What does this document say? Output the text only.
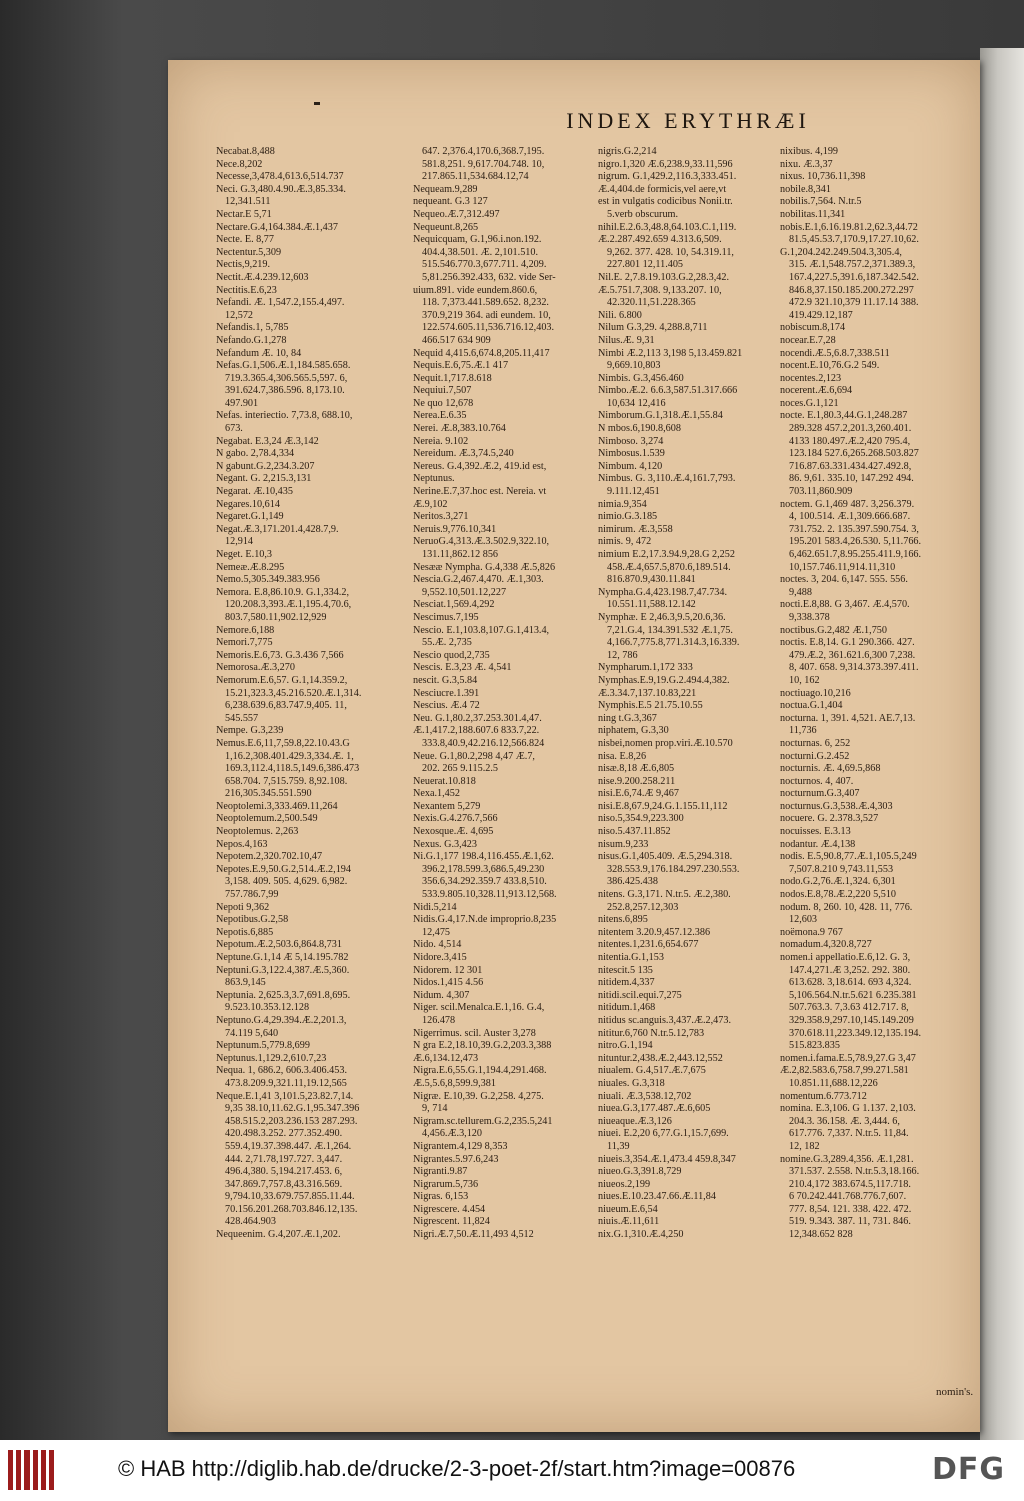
INDEX ERYTHRÆI
Necabat.8,488
Nece.8,202
Necesse,3,478.4,613.6,514.737
Neci. G.3,480.4.90.Æ.3,85.334.
12,341.511
Nectar.E 5,71
Nectare.G.4,164.384.Æ.1,437
Necte. E. 8,77
Nectentur.5,309
Nectis,9,219.
Nectit.Æ.4.239.12,603
Nectitis.E.6,23
Nefandi. Æ. 1,547.2,155.4,497.
12,572
Nefandis.1, 5,785
Nefando.G.1,278
Nefandum Æ. 10, 84
Nefas.G.1,506.Æ.1,184.585.658.
719.3.365.4,306.565.5,597. 6,
391.624.7,386.596. 8,173.10.
497.901
Nefas. interiectio. 7,73.8, 688.10,
673.
Negabat. E.3,24 Æ.3,142
N gabo. 2,78.4,334
N gabunt.G.2,234.3.207
Negant. G. 2,215.3,131
Negarat. Æ.10,435
Negares.10,614
Negaret.G.1,149
Negat.Æ.3,171.201.4,428.7,9.
12,914
Neget. E.10,3
Nemeæ.Æ.8.295
Nemo.5,305.349.383.956
Nemora. E.8,86.10.9. G.1,334.2,
120.208.3,393.Æ.1,195.4,70.6,
803.7,580.11,902.12,929
Nemore.6,188
Nemori.7,775
Nemoris.E.6,73. G.3.436 7,566
Nemorosa.Æ.3,270
Nemorum.E.6,57. G.1,14.359.2,
15.21,323.3,45.216.520.Æ.1,314.
6,238.639.6,83.747.9,405. 11,
545.557
Nempe. G.3,239
Nemus.E.6,11,7,59.8,22.10.43.G
1,16.2,308.401.429.3,334.Æ. 1,
169.3,112.4,118.5,149.6,386.473
658.704. 7,515.759. 8,92.108.
216,305.345.551.590
Neoptolemi.3,333.469.11,264
Neoptolemum.2,500.549
Neoptolemus. 2,263
Nepos.4,163
Nepotem.2,320.702.10,47
Nepotes.E.9,50.G.2,514.Æ.2,194
3,158. 409. 505. 4,629. 6,982.
757.786.7,99
Nepoti 9,362
Nepotibus.G.2,58
Nepotis.6,885
Nepotum.Æ.2,503.6,864.8,731
Neptune.G.1,14 Æ 5,14.195.782
Neptuni.G.3,122.4,387.Æ.5,360.
863.9,145
Neptunia. 2,625.3,3.7,691.8,695.
9.523.10.353.12.128
Neptuno.G.4,29.394.Æ.2,201.3,
74.119 5,640
Neptunum.5,779.8,699
Neptunus.1,129.2,610.7,23
Nequa. 1, 686.2, 606.3.406.453.
473.8.209.9,321.11,19.12,565
Neque.E.1,41 3,101.5,23.82.7,14.
9,35 38.10,11.62.G.1,95.347.396
458.515.2,203.236.153 287.293.
420.498.3.252. 277.352.490.
559.4,19.37.398.447. Æ.1,264.
444. 2,71.78,197.727. 3,447.
496.4,380. 5,194.217.453. 6,
347.869.7,757.8,43.316.569.
9,794.10,33.679.757.855.11.44.
70.156.201.268.703.846.12,135.
428.464.903
Nequeenim. G.4,207.Æ.1,202.
647. 2,376.4,170.6,368.7,195.
581.8,251. 9,617.704.748. 10,
217.865.11,534.684.12,74
Nequeam.9,289
nequeant. G.3 127
Nequeo.Æ.7,312.497
Nequeunt.8,265
Nequicquam, G.1,96.i.non.192.
404.4,38.501. Æ. 2,101.510.
515.546.770.3,677.711. 4,209.
5,81.256.392.433, 632. vide Ser-
uium.891. vide eundem.860.6,
118. 7,373.441.589.652. 8,232.
370.9,219 364. adi eundem. 10,
122.574.605.11,536.716.12,403.
466.517 634 909
Nequid 4,415.6,674.8,205.11,417
Nequis.E.6,75.Æ.1 417
Nequit.1,717.8.618
Nequiui.7,507
Ne quo 12,678
Nerea.E.6.35
Nerei. Æ.8,383.10.764
Nereia. 9.102
Nereidum. Æ.3,74.5,240
Nereus. G.4,392.Æ.2, 419.id est,
Neptunus.
Nerine.E.7,37.hoc est. Nereia. vt
Æ.9,102
Neritos.3,271
Neruis.9,776.10,341
NeruoG.4,313.Æ.3.502.9,322.10,
131.11,862.12 856
Nesææ Nympha. G.4,338 Æ.5,826
Nescia.G.2,467.4,470. Æ.1,303.
9,552.10,501.12,227
Nesciat.1,569.4,292
Nescimus.7,195
Nescio. E.1,103.8,107.G.1,413.4,
55.Æ. 2,735
Nescio quod,2,735
Nescis. E.3,23 Æ. 4,541
nescit. G.3,5.84
Nesciucre.1.391
Nescius. Æ.4 72
Neu. G.1,80.2,37.253.301.4,47.
Æ.1,417.2,188.607.6 833.7,22.
333.8,40.9,42.216.12,566.824
Neue. G.1,80.2,298 4,47 Æ.7,
202. 265 9.115.2.5
Neuerat.10.818
Nexa.1,452
Nexantem 5,279
Nexis.G.4.276.7,566
Nexosque.Æ. 4,695
Nexus. G.3,423
Ni.G.1,177 198.4,116.455.Æ.1,62.
396.2,178.599.3,686.5,49.230
356.6,34.292.359.7 433.8,510.
533.9.805.10,328.11,913.12,568.
Nidi.5,214
Nidis.G.4,17.N.de improprio.8,235
12,475
Nido. 4,514
Nidore.3,415
Nidorem. 12 301
Nidos.1,415 4.56
Nidum. 4,307
Niger. scil.Menalca.E.1,16. G.4,
126.478
Nigerrimus. scil. Auster 3,278
N gra E.2,18.10,39.G.2,203.3,388
Æ.6,134.12,473
Nigra.E.6,55.G.1,194.4,291.468.
Æ.5,5.6,8,599.9,381
Nigræ. E.10,39. G.2,258. 4,275.
9, 714
Nigram.sc.tellurem.G.2,235.5,241
4,456.Æ.3,120
Nigrantem.4,129 8,353
Nigrantes.5.97.6,243
Nigranti.9.87
Nigrarum.5,736
Nigras. 6,153
Nigrescere. 4.454
Nigrescent. 11,824
Nigri.Æ.7,50.Æ.11,493 4,512
nigris.G.2,214
nigro.1,320 Æ.6,238.9,33.11,596
nigrum. G.1,429.2,116.3,333.451.
Æ.4,404.de formicis,vel aere,vt
est in vulgatis codicibus Nonii.tr.
5.verb obscurum.
nihil.E.2.6.3,48.8,64.103.C.1,119.
Æ.2.287.492.659 4.313.6,509.
9,262. 377. 428. 10, 54.319.11,
227.801 12,11.405
Nil.E. 2,7.8.19.103.G.2,28.3,42.
Æ.5.751.7,308. 9,133.207. 10,
42.320.11,51.228.365
Nili. 6.800
Nilum G.3,29. 4,288.8,711
Nilus.Æ. 9,31
Nimbi Æ.2,113 3,198 5,13.459.821
9,669.10,803
Nimbis. G.3,456.460
Nimbo.Æ.2. 6.6.3,587.51.317.666
10,634 12,416
Nimborum.G.1,318.Æ.1,55.84
N mbos.6,190.8,608
Nimboso. 3,274
Nimbosus.1.539
Nimbum. 4,120
Nimbus. G. 3,110.Æ.4,161.7,793.
9.111.12,451
nimia.9,354
nimio.G.3.185
nimirum. Æ.3,558
nimis. 9, 472
nimium E.2,17.3.94.9,28.G 2,252
458.Æ.4,657.5,870.6,189.514.
816.870.9,430.11.841
Nympha.G.4,423.198.7,47.734.
10.551.11,588.12.142
Nymphæ. E 2,46.3,9.5,20.6,36.
7,21.G.4, 134.391.532 Æ.1,75.
4,166.7,775.8,771.314.3,16.339.
12, 786
Nympharum.1,172 333
Nymphas.E.9,19.G.2.494.4,382.
Æ.3.34.7,137.10.83,221
Nymphis.E.5 21.75.10.55
ning t.G.3,367
niphatem, G.3,30
nisbei,nomen prop.viri.Æ.10.570
nisa. E.8,26
nisæ.8,18 Æ.6,805
nise.9.200.258.211
nisi.E.6,74.Æ 9,467
nisi.E.8,67.9,24.G.1.155.11,112
niso.5,354.9,223.300
niso.5.437.11.852
nisum.9,233
nisus.G.1,405.409. Æ.5,294.318.
328.553.9,176.184.297.230.553.
386.425.438
nitens. G.3,171. N.tr.5. Æ.2,380.
252.8,257.12,303
nitens.6,895
nitentem 3.20.9,457.12.386
nitentes.1,231.6,654.677
nitentia.G.1,153
nitescit.5 135
nitidem.4,337
nitidi.scil.equi.7,275
nitidum.1,468
nitidus sc.anguis.3,437.Æ.2,473.
nititur.6,760 N.tr.5.12,783
nitro.G.1,194
nituntur.2,438.Æ.2,443.12,552
niualem. G.4,517.Æ.7,675
niuales. G.3,318
niuali. Æ.3,538.12,702
niuea.G.3,177.487.Æ.6,605
niueaque.Æ.3,126
niuei. E.2,20 6,77.G.1,15.7,699.
11,39
niueis.3,354.Æ.1,473.4 459.8,347
niueo.G.3,391.8,729
niueos.2,199
niues.E.10.23.47.66.Æ.11,84
niueum.E.6,54
niuis.Æ.11,611
nix.G.1,310.Æ.4,250
nixibus. 4,199
nixu. Æ.3,37
nixus. 10,736.11,398
nobile.8,341
nobilis.7,564. N.tr.5
nobilitas.11,341
nobis.E.1,6.16.19.81.2,62.3,44.72
81.5,45.53.7,170.9,17.27.10,62.
G.1,204.242.249.504.3,305.4,
315. Æ.1,548.757.2,371.389.3,
167.4,227.5,391.6,187.342.542.
846.8,37.150.185.200.272.297
472.9 321.10,379 11.17.14 388.
419.429.12,187
nobiscum.8,174
nocear.E.7,28
nocendi.Æ.5,6.8.7,338.511
nocent.E.10,76.G.2 549.
nocentes.2,123
nocerent.Æ.6,694
noces.G.1,121
nocte. E.1,80.3,44.G.1,248.287
289.328 457.2,201.3,260.401.
4133 180.497.Æ.2,420 795.4,
123.184 527.6,265.268.503.827
716.87.63.331.434.427.492.8,
86. 9,61. 335.10, 147.292 494.
703.11,860.909
noctem. G.1,469 487. 3,256.379.
4, 100.514. Æ.1,309.666.687.
731.752. 2. 135.397.590.754. 3,
195.201 583.4,26.530. 5,11.766.
6,462.651.7,8.95.255.411.9,166.
10,157.746.11,914.11,310
noctes. 3, 204. 6,147. 555. 556.
9,488
nocti.E.8,88. G 3,467. Æ.4,570.
9,338.378
noctibus.G.2,482 Æ.1,750
noctis. E.8,14. G.1 290.366. 427.
479.Æ.2, 361.621.6,300 7,238.
8, 407. 658. 9,314.373.397.411.
10, 162
noctiuago.10,216
noctua.G.1,404
nocturna. 1, 391. 4,521. AE.7,13.
11,736
nocturnas. 6, 252
nocturni.G.2.452
nocturnis. Æ. 4,69.5,868
nocturnos. 4, 407.
nocturnum.G.3,407
nocturnus.G.3,538.Æ.4,303
nocuere. G. 2.378.3,527
nocuisses. E.3.13
nodantur. Æ.4,138
nodis. E.5,90.8,77.Æ.1,105.5,249
7,507.8.210 9,743.11,553
nodo.G.2,76.Æ.1,324. 6,301
nodos.E.8,78.Æ.2,220 5,510
nodum. 8, 260. 10, 428. 11, 776.
12,603
noëmona.9 767
nomadum.4,320.8,727
nomen.i appellatio.E.6,12. G. 3,
147.4,271.Æ 3,252. 292. 380.
613.628. 3,18.614. 693 4,324.
5,106.564.N.tr.5.621 6.235.381
507.763.3. 7,3.63 412.717. 8,
329.358.9,297.10,145.149.209
370.618.11,223.349.12,135.194.
515.823.835
nomen.i.fama.E.5,78.9,27.G 3,47
Æ.2,82.583.6,758.7,99.271.581
10.851.11,688.12,226
nomentum.6.773.712
nomina. E.3,106. G 1.137. 2,103.
204.3. 36.158. Æ. 3,444. 6,
617.776. 7,337. N.tr.5. 11,84.
12, 182
nomine.G.3,289.4,356. Æ.1,281.
371.537. 2.558. N.tr.5.3,18.166.
210.4,172 383.674.5,117.718.
6 70.242.441.768.776.7,607.
777. 8,54. 121. 338. 422. 472.
519. 9.343. 387. 11, 731. 846.
12,348.652 828
nomin's.
© HAB http://diglib.hab.de/drucke/2-3-poet-2f/start.htm?image=00876	DFG
